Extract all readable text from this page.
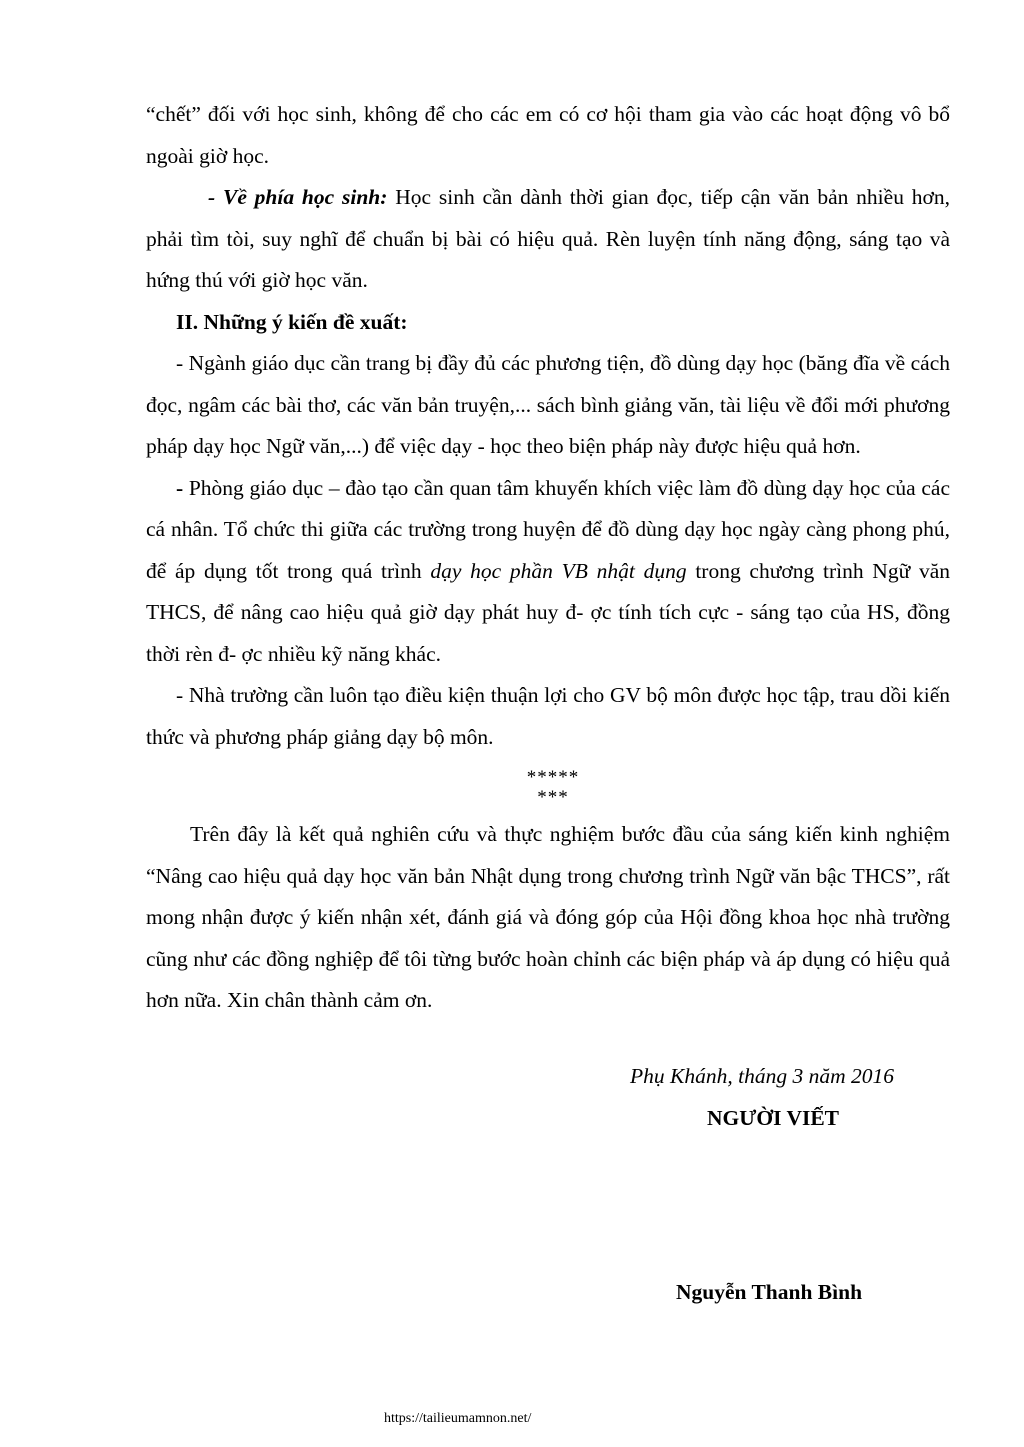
“chết” đối với học sinh, không để cho các em có cơ hội tham gia vào các hoạt động vô bổ ngoài giờ học.

- Về phía học sinh: Học sinh cần dành thời gian đọc, tiếp cận văn bản nhiều hơn, phải tìm tòi, suy nghĩ để chuẩn bị bài có hiệu quả. Rèn luyện tính năng động, sáng tạo và hứng thú với giờ học văn.

II. Những ý kiến đề xuất:

- Ngành giáo dục cần trang bị đầy đủ các phương tiện, đồ dùng dạy học (băng đĩa về cách đọc, ngâm các bài thơ, các văn bản truyện,... sách bình giảng văn, tài liệu về đổi mới phương pháp dạy học Ngữ văn,...) để việc dạy - học theo biện pháp này được hiệu quả hơn.

- Phòng giáo dục – đào tạo cần quan tâm khuyến khích việc làm đồ dùng dạy học của các cá nhân. Tổ chức thi giữa các trường trong huyện để đồ dùng dạy học ngày càng phong phú, để áp dụng tốt trong quá trình dạy học phần VB nhật dụng trong chương trình Ngữ văn THCS, để nâng cao hiệu quả giờ dạy phát huy đ- ợc tính tích cực - sáng tạo của HS, đồng thời rèn đ- ợc nhiều kỹ năng khác.

- Nhà trường cần luôn tạo điều kiện thuận lợi cho GV bộ môn được học tập, trau dồi kiến thức và phương pháp giảng dạy bộ môn.

*****
***

Trên đây là kết quả nghiên cứu và thực nghiệm bước đầu của sáng kiến kinh nghiệm “Nâng cao hiệu quả dạy học văn bản Nhật dụng trong chương trình Ngữ văn bậc THCS”, rất mong nhận được ý kiến nhận xét, đánh giá và đóng góp của Hội đồng khoa học nhà trường cũng như các đồng nghiệp để tôi từng bước hoàn chỉnh các biện pháp và áp dụng có hiệu quả hơn nữa. Xin chân thành cảm ơn.

Phụ Khánh, tháng 3 năm 2016
NGƯỜI VIẾT
Nguyễn Thanh Bình
https://tailieumamnon.net/
